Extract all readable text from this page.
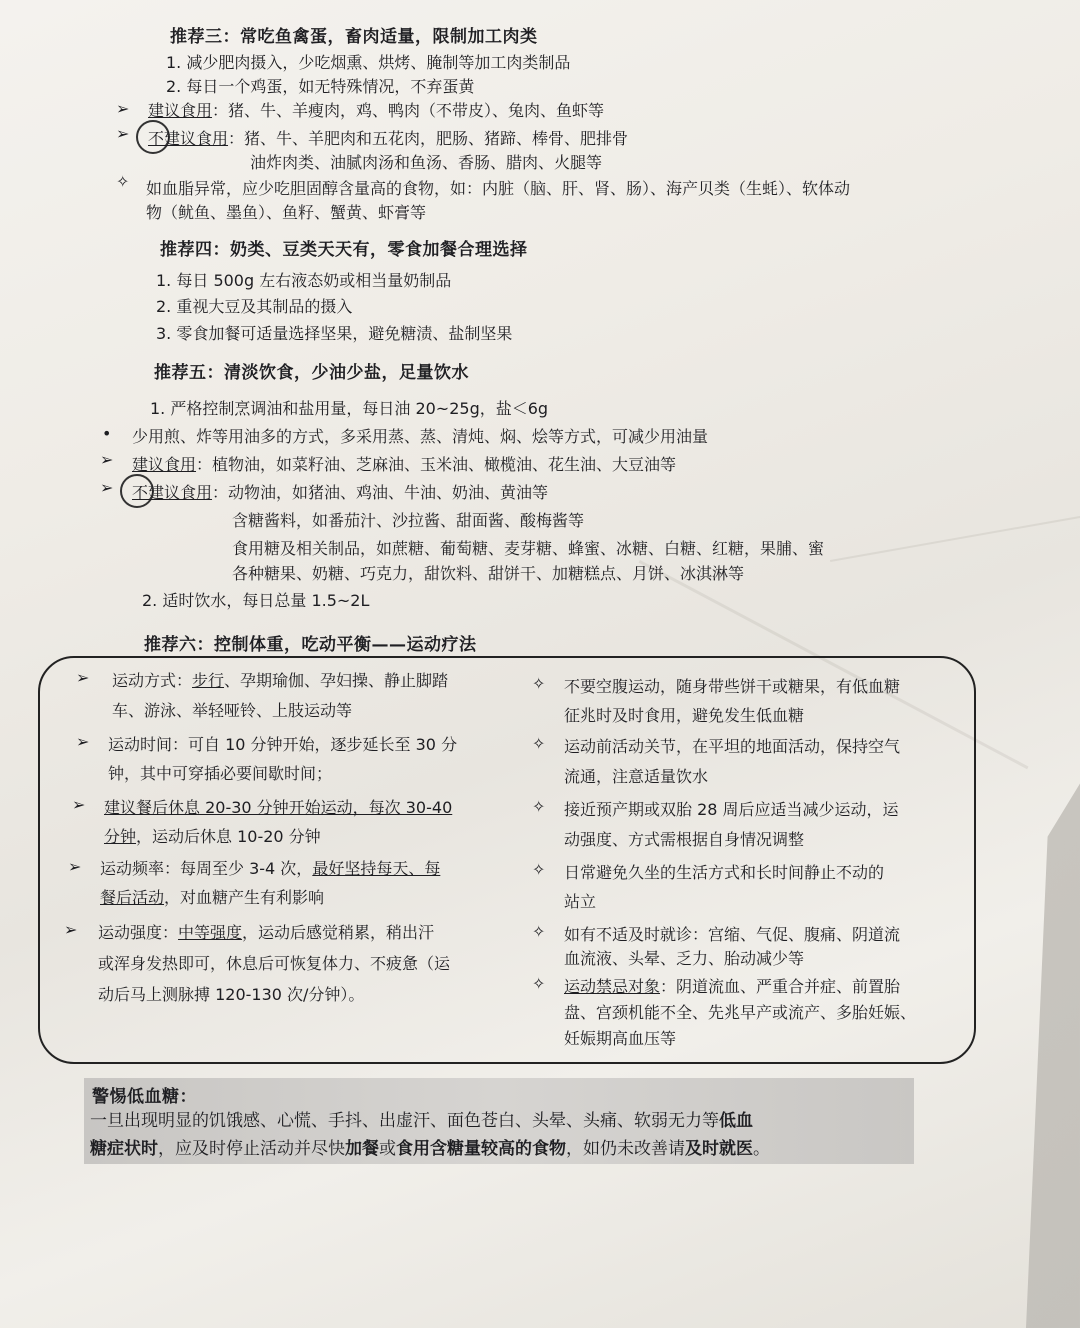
推荐三：常吃鱼禽蛋，畜肉适量，限制加工肉类
1. 减少肥肉摄入，少吃烟熏、烘烤、腌制等加工肉类制品
2. 每日一个鸡蛋，如无特殊情况，不弃蛋黄
➢ 建议食用：猪、牛、羊瘦肉，鸡、鸭肉（不带皮）、兔肉、鱼虾等
➢ 不建议食用：猪、牛、羊肥肉和五花肉，肥肠、猪蹄、棒骨、肥排骨
油炸肉类、油腻肉汤和鱼汤、香肠、腊肉、火腿等
✧ 如血脂异常，应少吃胆固醇含量高的食物，如：内脏（脑、肝、肾、肠）、海产贝类（生蚝）、软体动
物（鱿鱼、墨鱼）、鱼籽、蟹黄、虾膏等
推荐四：奶类、豆类天天有，零食加餐合理选择
1. 每日 500g 左右液态奶或相当量奶制品
2. 重视大豆及其制品的摄入
3. 零食加餐可适量选择坚果，避免糖渍、盐制坚果
推荐五：清淡饮食，少油少盐，足量饮水
1. 严格控制烹调油和盐用量，每日油 20~25g，盐＜6g
• 少用煎、炸等用油多的方式，多采用蒸、蒸、清炖、焖、烩等方式，可减少用油量
➢ 建议食用：植物油，如菜籽油、芝麻油、玉米油、橄榄油、花生油、大豆油等
➢ 不建议食用：动物油，如猪油、鸡油、牛油、奶油、黄油等
含糖酱料，如番茄汁、沙拉酱、甜面酱、酸梅酱等
食用糖及相关制品，如蔗糖、葡萄糖、麦芽糖、蜂蜜、冰糖、白糖、红糖，果脯、蜜
各种糖果、奶糖、巧克力，甜饮料、甜饼干、加糖糕点、月饼、冰淇淋等
2. 适时饮水，每日总量 1.5~2L
推荐六：控制体重，吃动平衡——运动疗法
➢ 运动方式：步行、孕期瑜伽、孕妇操、静止脚踏
车、游泳、举轻哑铃、上肢运动等
➢ 运动时间：可自 10 分钟开始，逐步延长至 30 分
钟，其中可穿插必要间歇时间；
➢ 建议餐后休息 20-30 分钟开始运动，每次 30-40
分钟，运动后休息 10-20 分钟
➢ 运动频率：每周至少 3-4 次，最好坚持每天、每
餐后活动，对血糖产生有利影响
➢ 运动强度：中等强度，运动后感觉稍累，稍出汗
或浑身发热即可，休息后可恢复体力、不疲惫（运
动后马上测脉搏 120-130 次/分钟）。
✧ 不要空腹运动，随身带些饼干或糖果，有低血糖
征兆时及时食用，避免发生低血糖
✧ 运动前活动关节，在平坦的地面活动，保持空气
流通，注意适量饮水
✧ 接近预产期或双胎 28 周后应适当减少运动，运
动强度、方式需根据自身情况调整
✧ 日常避免久坐的生活方式和长时间静止不动的
站立
✧ 如有不适及时就诊：宫缩、气促、腹痛、阴道流
血流液、头晕、乏力、胎动减少等
✧ 运动禁忌对象：阴道流血、严重合并症、前置胎
盘、宫颈机能不全、先兆早产或流产、多胎妊娠、
妊娠期高血压等
警惕低血糖：
一旦出现明显的饥饿感、心慌、手抖、出虚汗、面色苍白、头晕、头痛、软弱无力等低血
糖症状时，应及时停止活动并尽快加餐或食用含糖量较高的食物，如仍未改善请及时就医。
